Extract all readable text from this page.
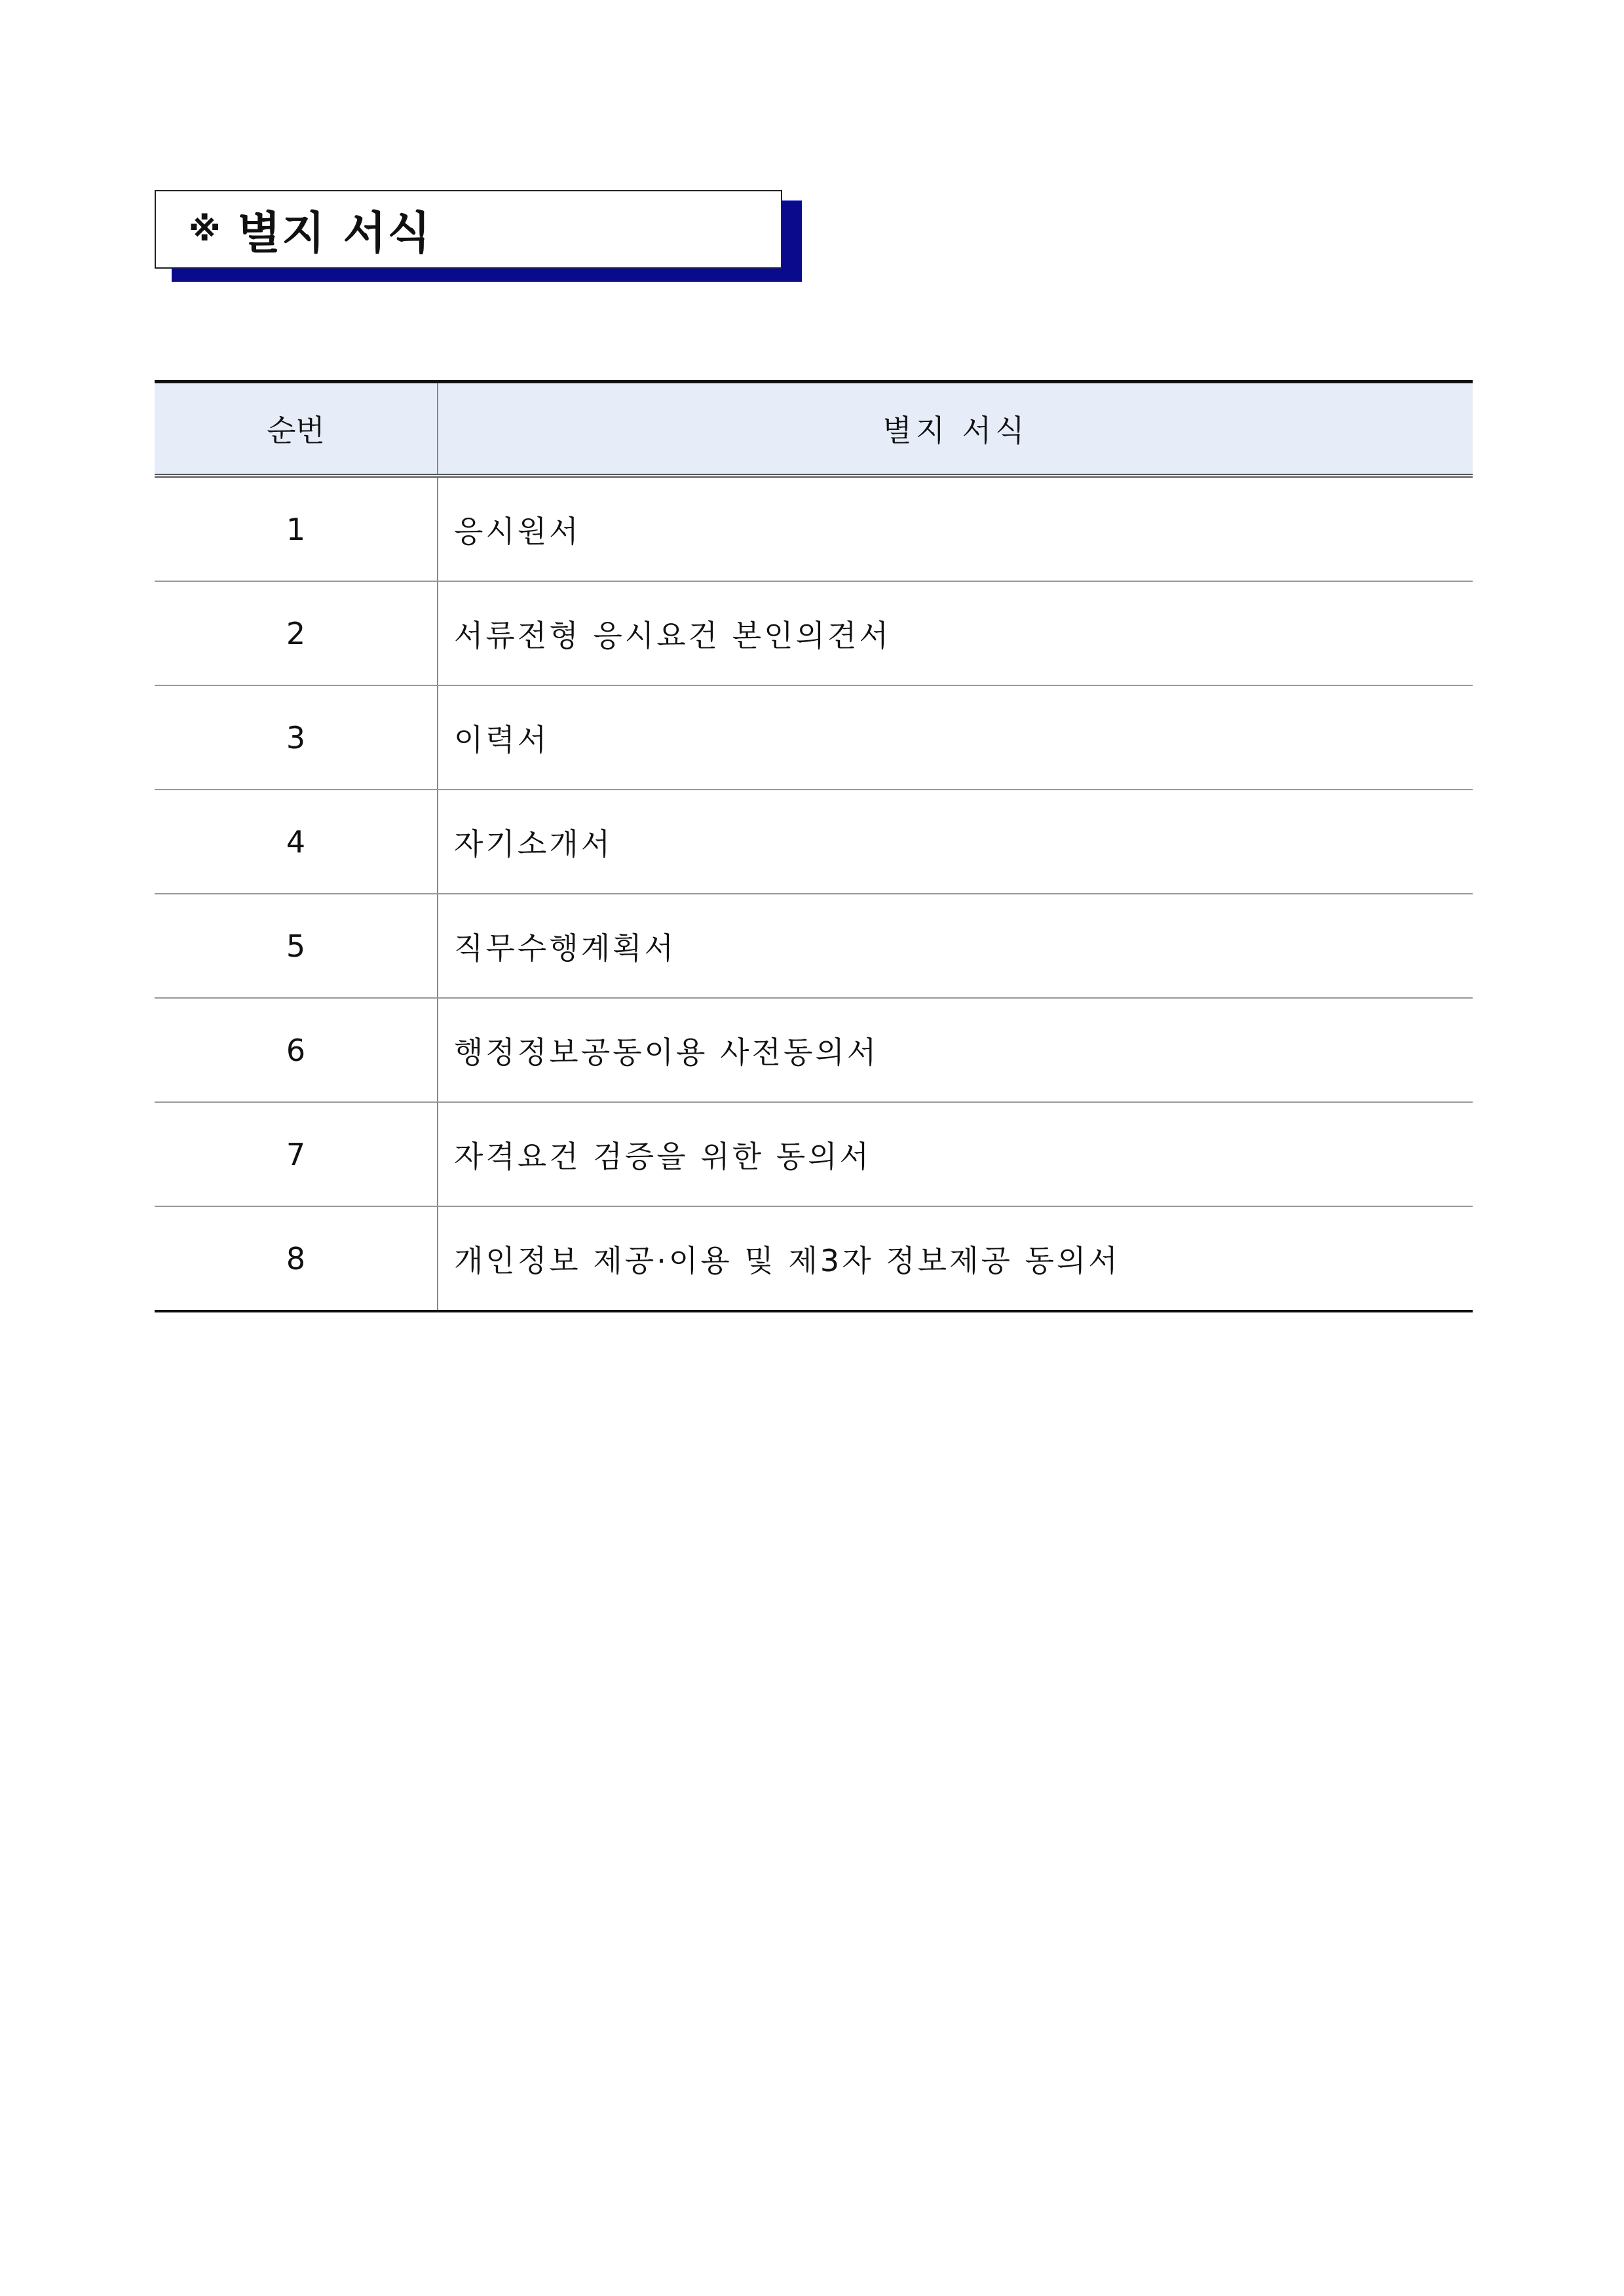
※ 별지 서식
순번	별지 서식
1	응시원서
2	서류전형 응시요건 본인의견서
3	이력서
4	자기소개서
5	직무수행계획서
6	행정정보공동이용 사전동의서
7	자격요건 검증을 위한 동의서
8	개인정보 제공·이용 및 제3자 정보제공 동의서
